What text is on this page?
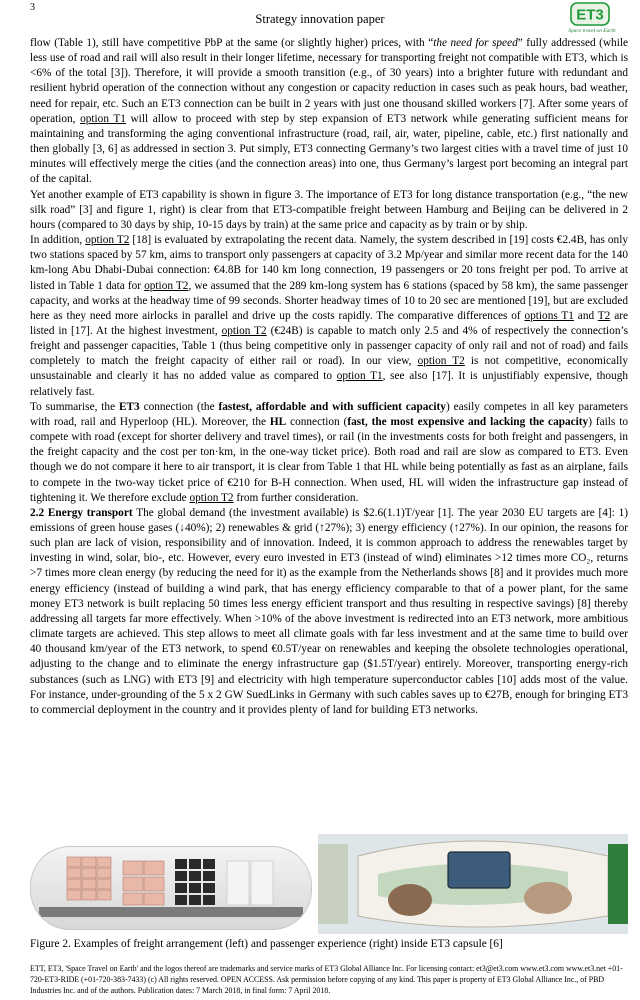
3
Strategy innovation paper	ET3
Space travel on Earth

flow (Table 1), still have competitive PbP at the same (or slightly higher) prices, with “the need for speed” fully addressed (while less use of road and rail will also result in their longer lifetime, necessary for transporting freight not compatible with ET3, which is <6% of the total [3]). Therefore, it will provide a smooth transition (e.g., of 30 years) into a brighter future with redundant and resilient hybrid operation of the connection without any congestion or capacity reduction in cases such as peak hours, bad weather, need for repair, etc. Such an ET3 connection can be built in 2 years with just one thousand skilled workers [7]. After some years of operation, option T1 will allow to proceed with step by step expansion of ET3 network while generating sufficient means for maintaining and transforming the aging conventional infrastructure (road, rail, air, water, pipeline, cable, etc.) first nationally and then globally [3, 6] as addressed in section 3. Put simply, ET3 connecting Germany’s two largest cities with a travel time of just 10 minutes will effectively merge the cities (and the connection areas) into one, thus Germany’s largest port becoming an integral part of the capital.

Yet another example of ET3 capability is shown in figure 3. The importance of ET3 for long distance transportation (e.g., “the new silk road” [3] and figure 1, right) is clear from that ET3-compatible freight between Hamburg and Beijing can be delivered in 2 hours (compared to 30 days by ship, 10-15 days by train) at the same price and capacity as by train or by ship.

In addition, option T2 [18] is evaluated by extrapolating the recent data. Namely, the system described in [19] costs €2.4B, has only two stations spaced by 57 km, aims to transport only passengers at capacity of 3.2 Mp/year and similar more recent data for the 140 km-long Abu Dhabi-Dubai connection: €4.8B for 140 km long connection, 19 passengers or 20 tons freight per pod. To arrive at listed in Table 1 data for option T2, we assumed that the 289 km-long system has 6 stations (spaced by 58 km), the same passenger capacity, and works at the headway time of 99 seconds. Shorter headway times of 10 to 20 sec are mentioned [19], but are excluded here as they need more airlocks in parallel and drive up the costs rapidly. The comparative differences of options T1 and T2 are listed in [17]. At the highest investment, option T2 (€24B) is capable to match only 2.5 and 4% of respectively the connection’s freight and passenger capacities, Table 1 (thus being competitive only in passenger capacity of only rail and not of road) and fails completely to match the freight capacity of either rail or road). In our view, option T2 is not competitive, economically unsustainable and clearly it has no added value as compared to option T1, see also [17]. It is unjustifiably expensive, though relatively fast.

To summarise, the ET3 connection (the fastest, affordable and with sufficient capacity) easily competes in all key parameters with road, rail and Hyperloop (HL). Moreover, the HL connection (fast, the most expensive and lacking the capacity) fails to compete with road (except for shorter delivery and travel times), or rail (in the investments costs for both freight and passengers, in the freight capacity and the cost per ton·km, in the one-way ticket price). Both road and rail are slow as compared to ET3. Even though we do not compare it here to air transport, it is clear from Table 1 that HL while being potentially as fast as an airplane, fails to compete in the two-way ticket price of €210 for B-H connection. When used, HL will widen the infrastructure gap instead of tightening it. We therefore exclude option T2 from further consideration.

2.2 Energy transport The global demand (the investment available) is $2.6(1.1)T/year [1]. The year 2030 EU targets are [4]: 1) emissions of green house gases (↓40%); 2) renewables & grid (↑27%); 3) energy efficiency (↑27%). In our opinion, the reasons for such plan are lack of vision, responsibility and of innovation. Indeed, it is common approach to address the renewables target by investing in wind, solar, bio-, etc. However, every euro invested in ET3 (instead of wind) eliminates >12 times more CO₂, returns >7 times more clean energy (by reducing the need for it) as the example from the Netherlands shows [8] and it provides much more energy efficiency (instead of building a wind park, that has energy efficiency comparable to that of a power plant, for the same money ET3 network is built replacing 50 times less energy efficient transport and thus resulting in respective savings) [8] thereby addressing all targets far more effectively. When >10% of the above investment is redirected into an ET3 network, more ambitious climate targets are achieved. This step allows to meet all climate goals with far less investment and at the same time to build over 40 thousand km/year of the ET3 network, to spend €0.5T/year on renewables and keeping the obsolete technologies operational, adjusting to the change and to eliminate the energy infrastructure gap ($1.5T/year) entirely. Moreover, transporting energy-rich substances (such as LNG) with ET3 [9] and electricity with high temperature superconductor cables [10] adds most of the value. For instance, under-grounding of the 5 x 2 GW SuedLinks in Germany with such cables saves up to €27B, enough for bringing ET3 to commercial deployment in the country and it provides plenty of land for building ET3 networks.

Figure 2. Examples of freight arrangement (left) and passenger experience (right) inside ET3 capsule [6]
ETT, ET3, 'Space Travel on Earth' and the logos thereof are trademarks and service marks of ET3 Global Alliance Inc. For licensing contact: et3@et3.com www.et3.com www.et3.net +01-720-ET3-RIDE (+01-720-383-7433) (c) All rights reserved. OPEN ACCESS. Ask permission before copying of any kind. This paper is property of ET3 Global Alliance Inc., of PBD Industries Inc. and of the authors. Publication dates: 7 March 2018, in final form: 7 April 2018.
